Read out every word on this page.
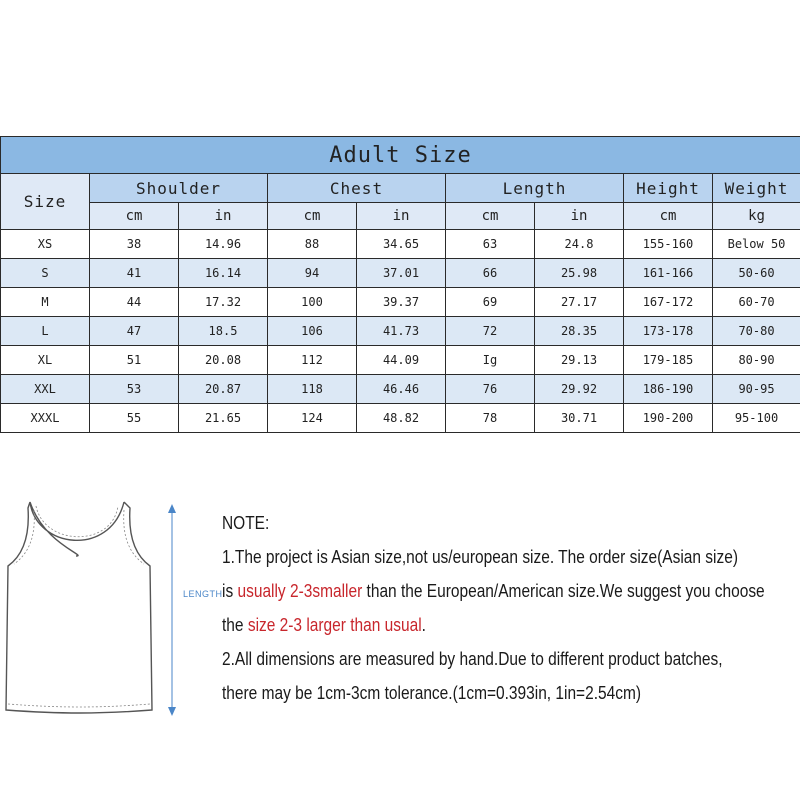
Adult Size								
Size	Shoulder		Chest		Length		Height	Weight
	cm	in	cm	in	cm	in	cm	kg
XS	38	14.96	88	34.65	63	24.8	155-160	Below 50
S	41	16.14	94	37.01	66	25.98	161-166	50-60
M	44	17.32	100	39.37	69	27.17	167-172	60-70
L	47	18.5	106	41.73	72	28.35	173-178	70-80
XL	51	20.08	112	44.09	Ig	29.13	179-185	80-90
XXL	53	20.87	118	46.46	76	29.92	186-190	90-95
XXXL	55	21.65	124	48.82	78	30.71	190-200	95-100
LENGTH
NOTE:
1.The project is Asian size,not us/european size. The order size(Asian size)
is usually 2-3smaller than the European/American size.We suggest you choose
the size 2-3 larger than usual.
2.All dimensions are measured by hand.Due to different product batches,
there may be 1cm-3cm tolerance.(1cm=0.393in, 1in=2.54cm)
